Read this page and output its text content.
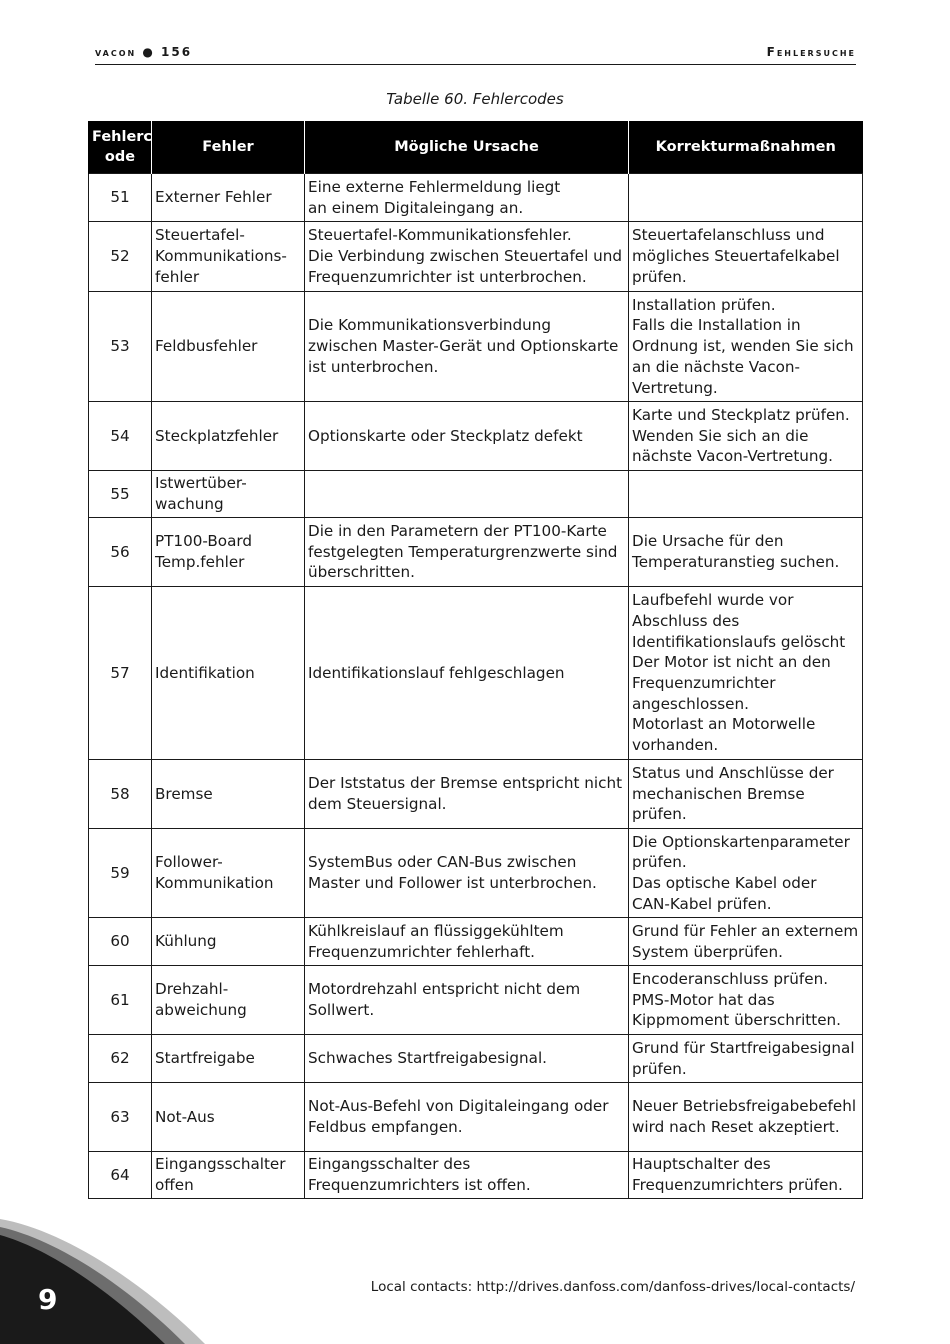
vacon ● 156	Fehlersuche
Tabelle 60. Fehlercodes
Fehlerc
ode	Fehler	Mögliche Ursache	Korrekturmaßnahmen
51	Externer Fehler	Eine externe Fehlermeldung liegt
an einem Digitaleingang an.	
52	Steuertafel-
Kommunikations-
fehler	Steuertafel-Kommunikationsfehler.
Die Verbindung zwischen Steuertafel und Frequenzumrichter ist unterbrochen.	Steuertafelanschluss und mögliches Steuertafelkabel prüfen.
53	Feldbusfehler	Die Kommunikationsverbindung zwischen Master-Gerät und Optionskarte ist unterbrochen.	Installation prüfen.
Falls die Installation in Ordnung ist, wenden Sie sich an die nächste Vacon-Vertretung.
54	Steckplatzfehler	Optionskarte oder Steckplatz defekt	Karte und Steckplatz prüfen.
Wenden Sie sich an die nächste Vacon-Vertretung.
55	Istwertüber-
wachung		
56	PT100-Board
Temp.fehler	Die in den Parametern der PT100-Karte festgelegten Temperaturgrenzwerte sind überschritten.	Die Ursache für den Temperaturanstieg suchen.
57	Identifikation	Identifikationslauf fehlgeschlagen	Laufbefehl wurde vor Abschluss des Identifikationslaufs gelöscht
Der Motor ist nicht an den Frequenzumrichter angeschlossen.
Motorlast an Motorwelle vorhanden.
58	Bremse	Der Iststatus der Bremse entspricht nicht dem Steuersignal.	Status und Anschlüsse der mechanischen Bremse prüfen.
59	Follower-
Kommunikation	SystemBus oder CAN-Bus zwischen Master und Follower ist unterbrochen.	Die Optionskartenparameter prüfen.
Das optische Kabel oder CAN-Kabel prüfen.
60	Kühlung	Kühlkreislauf an flüssiggekühltem Frequenzumrichter fehlerhaft.	Grund für Fehler an externem System überprüfen.
61	Drehzahl-
abweichung	Motordrehzahl entspricht nicht dem Sollwert.	Encoderanschluss prüfen.
PMS-Motor hat das Kippmoment überschritten.
62	Startfreigabe	Schwaches Startfreigabesignal.	Grund für Startfreigabesignal prüfen.
63	Not-Aus	Not-Aus-Befehl von Digitaleingang oder Feldbus empfangen.	Neuer Betriebsfreigabebefehl wird nach Reset akzeptiert.
64	Eingangsschalter
offen	Eingangsschalter des Frequenzumrichters ist offen.	Hauptschalter des Frequenzumrichters prüfen.
9	Local contacts: http://drives.danfoss.com/danfoss-drives/local-contacts/
